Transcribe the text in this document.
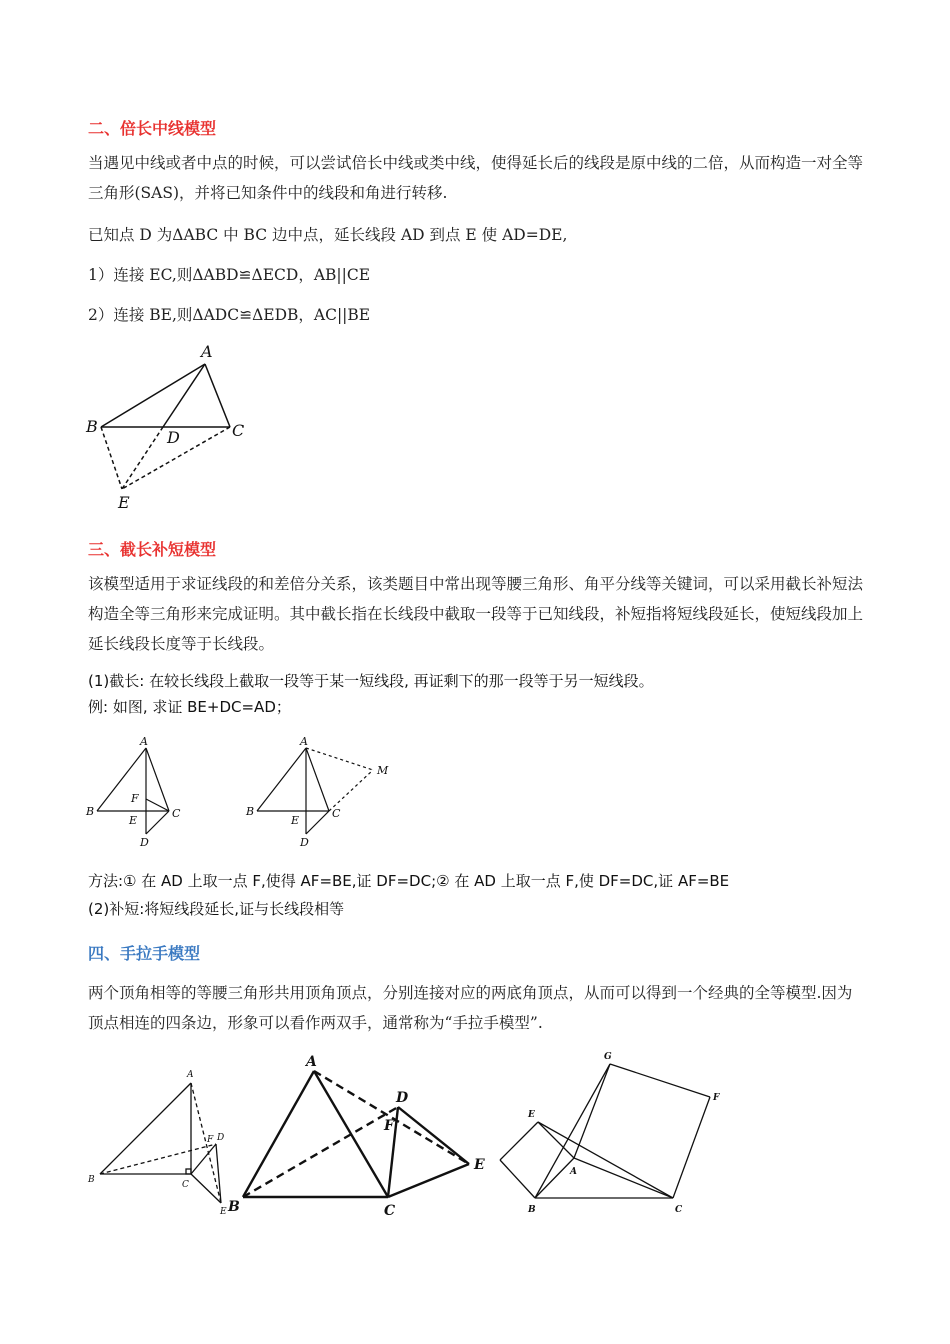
二、倍长中线模型
当遇见中线或者中点的时候，可以尝试倍长中线或类中线，使得延长后的线段是原中线的二倍，从而构造一对全等三角形(SAS)，并将已知条件中的线段和角进行转移.
已知点 D 为ΔABC 中 BC 边中点，延长线段 AD 到点 E 使 AD=DE,
1）连接 EC,则ΔABD≌ΔECD，AB||CE
2）连接 BE,则ΔADC≌ΔEDB，AC||BE
A
B	C
D
E
三、截长补短模型
该模型适用于求证线段的和差倍分关系，该类题目中常出现等腰三角形、角平分线等关键词，可以采用截长补短法构造全等三角形来完成证明。其中截长指在长线段中截取一段等于已知线段，补短指将短线段延长，使短线段加上延长线段长度等于长线段。
(1)截长: 在较长线段上截取一段等于某一短线段, 再证剩下的那一段等于另一短线段。
例: 如图, 求证 BE+DC=AD；
A
B	C
E
F
D
A
B	C
E
D
M
方法:① 在 AD 上取一点 F,使得 AF=BE,证 DF=DC;② 在 AD 上取一点 F,使 DF=DC,证 AF=BE
(2)补短:将短线段延长,证与长线段相等
四、手拉手模型
两个顶角相等的等腰三角形共用顶角顶点，分别连接对应的两底角顶点，从而可以得到一个经典的全等模型.因为顶点相连的四条边，形象可以看作两双手，通常称为“手拉手模型”.
A
B	C
F D
E
A
B	C
D
F
E
G
F
E
A
B	C
